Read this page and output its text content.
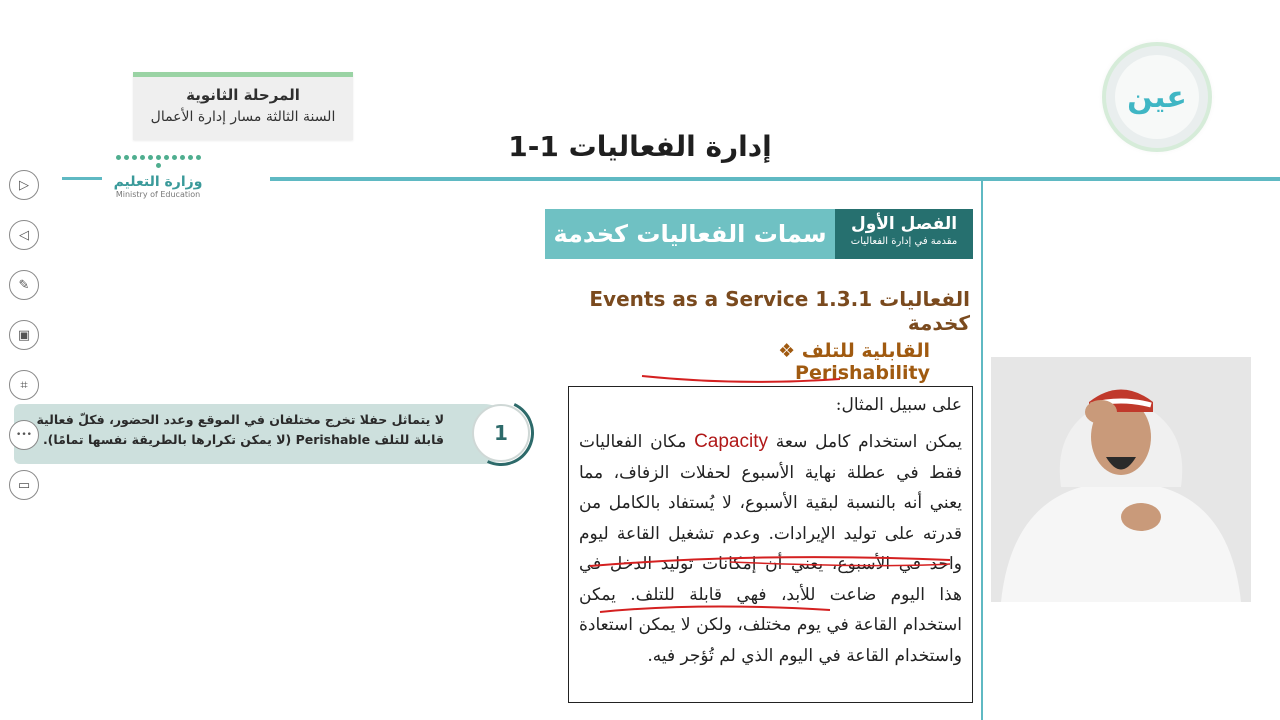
المرحلة الثانوية
السنة الثالثة مسار إدارة الأعمال
وزارة التعليم
Ministry of Education
إدارة الفعاليات 1-1
عين
▷
◁
✎
▣
⌗
▭
لا يتماثل حفلا تخرج مختلفان في الموقع وعدد الحضور، فكلّ فعالية
قابلة للتلف Perishable (لا يمكن تكرارها بالطريقة نفسها تمامًا).
•••	1
الفصل الأول
مقدمة في إدارة الفعاليات
سمات الفعاليات كخدمة
Events as a Service 1.3.1 الفعاليات كخدمة
❖ القابلية للتلف Perishability
على سبيل المثال:
يمكن استخدام كامل سعة Capacity مكان الفعاليات فقط في عطلة نهاية الأسبوع لحفلات الزفاف، مما يعني أنه بالنسبة لبقية الأسبوع، لا يُستفاد بالكامل من قدرته على توليد الإيرادات. وعدم تشغيل القاعة ليوم واحد في الأسبوع، يعني أن إمكانات توليد الدخل في هذا اليوم ضاعت للأبد، فهي قابلة للتلف. يمكن استخدام القاعة في يوم مختلف، ولكن لا يمكن استعادة واستخدام القاعة في اليوم الذي لم تُؤجر فيه.
